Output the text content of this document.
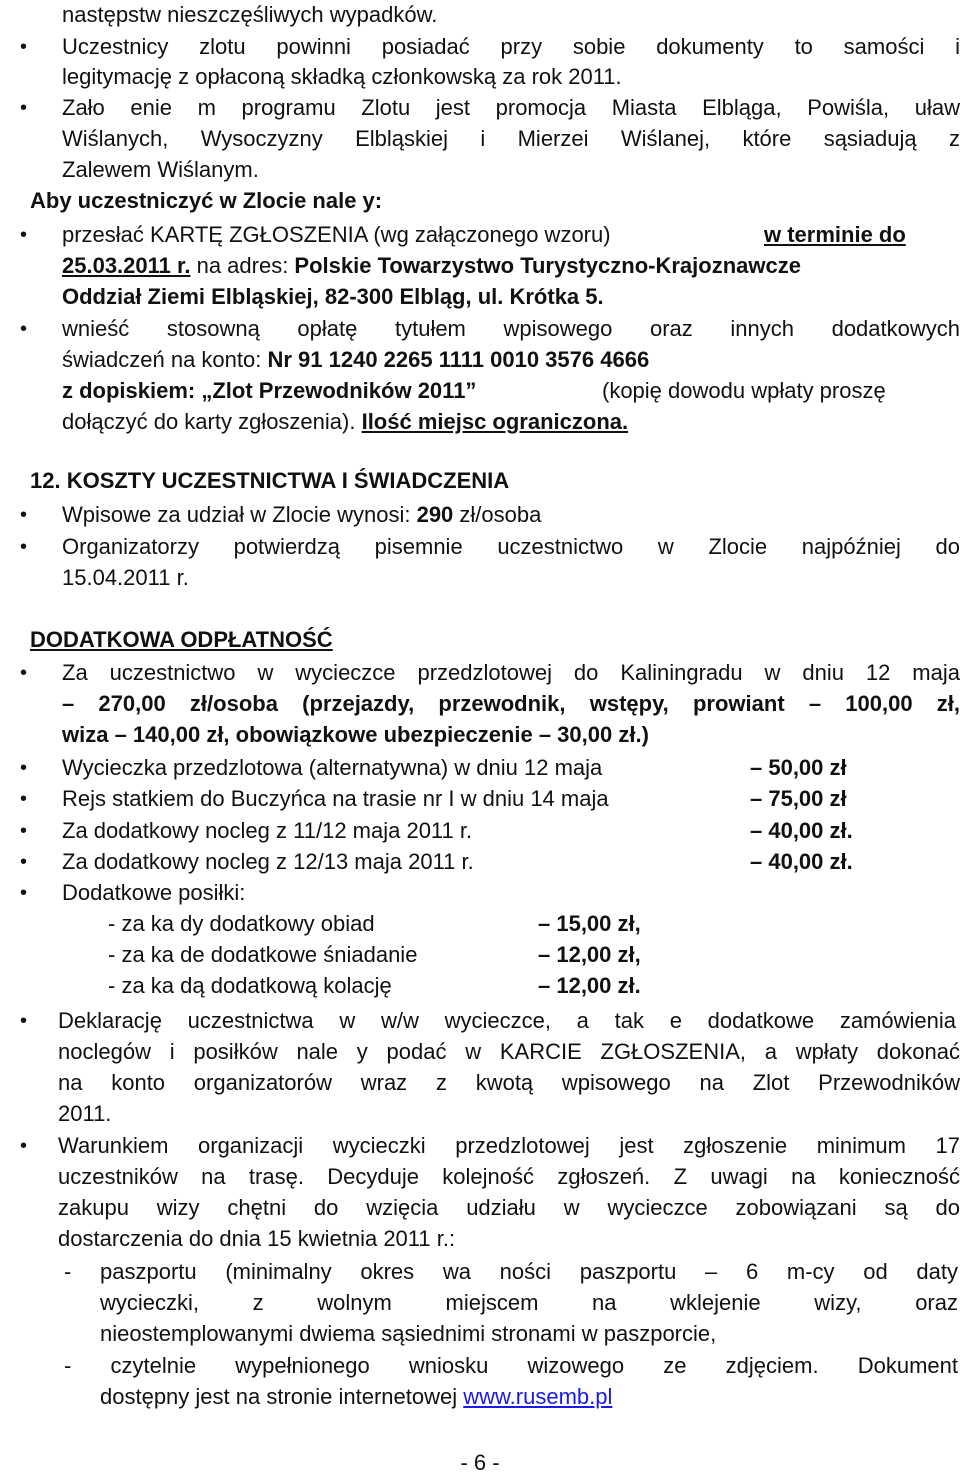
następstw nieszczęśliwych wypadków.
• Uczestnicy zlotu powinni posiadać przy sobie dokumenty to samości i
legitymację z opłaconą składką członkowską za rok 2011.
• Zało enie m programu Zlotu jest promocja Miasta Elbląga, Powiśla, uław
Wiślanych, Wysoczyzny Elbląskiej i Mierzei Wiślanej, które sąsiadują z
Zalewem Wiślanym.
Aby uczestniczyć w Zlocie nale y:
• przesłać KARTĘ ZGŁOSZENIA (wg załączonego wzoru)	w terminie do
25.03.2011 r. na adres: Polskie Towarzystwo Turystyczno-Krajoznawcze
Oddział Ziemi Elbląskiej, 82-300 Elbląg, ul. Krótka 5.
• wnieść stosowną opłatę tytułem wpisowego oraz innych dodatkowych
świadczeń na konto: Nr 91 1240 2265 1111 0010 3576 4666
z dopiskiem: „Zlot Przewodników 2011”	(kopię dowodu wpłaty proszę
dołączyć do karty zgłoszenia). Ilość miejsc ograniczona.
12. KOSZTY UCZESTNICTWA I ŚWIADCZENIA
• Wpisowe za udział w Zlocie wynosi: 290 zł/osoba
• Organizatorzy potwierdzą pisemnie uczestnictwo w Zlocie najpóźniej do
15.04.2011 r.
DODATKOWA ODPŁATNOŚĆ
• Za uczestnictwo w wycieczce przedzlotowej do Kaliningradu w dniu 12 maja
– 270,00 zł/osoba (przejazdy, przewodnik, wstępy, prowiant – 100,00 zł,
wiza – 140,00 zł, obowiązkowe ubezpieczenie – 30,00 zł.)
• Wycieczka przedzlotowa (alternatywna) w dniu 12 maja	– 50,00 zł
• Rejs statkiem do Buczyńca na trasie nr I w dniu 14 maja	– 75,00 zł
• Za dodatkowy nocleg z 11/12 maja 2011 r.	– 40,00 zł.
• Za dodatkowy nocleg z 12/13 maja 2011 r.	– 40,00 zł.
• Dodatkowe posiłki:
- za ka dy dodatkowy obiad	– 15,00 zł,
- za ka de dodatkowe śniadanie	– 12,00 zł,
- za ka dą dodatkową kolację	– 12,00 zł.
• Deklarację uczestnictwa w w/w wycieczce, a tak e dodatkowe zamówienia
noclegów i posiłków nale y podać w KARCIE ZGŁOSZENIA, a wpłaty dokonać
na konto organizatorów wraz z kwotą wpisowego na Zlot Przewodników
2011.
• Warunkiem organizacji wycieczki przedzlotowej jest zgłoszenie minimum 17
uczestników na trasę. Decyduje kolejność zgłoszeń. Z uwagi na konieczność
zakupu wizy chętni do wzięcia udziału w wycieczce zobowiązani są do
dostarczenia do dnia 15 kwietnia 2011 r.:
- paszportu (minimalny okres wa ności paszportu – 6 m-cy od daty
wycieczki, z wolnym miejscem na wklejenie wizy, oraz
nieostemplowanymi dwiema sąsiednimi stronami w paszporcie,
- czytelnie wypełnionego wniosku wizowego ze zdjęciem. Dokument
dostępny jest na stronie internetowej www.rusemb.pl
- 6 -
